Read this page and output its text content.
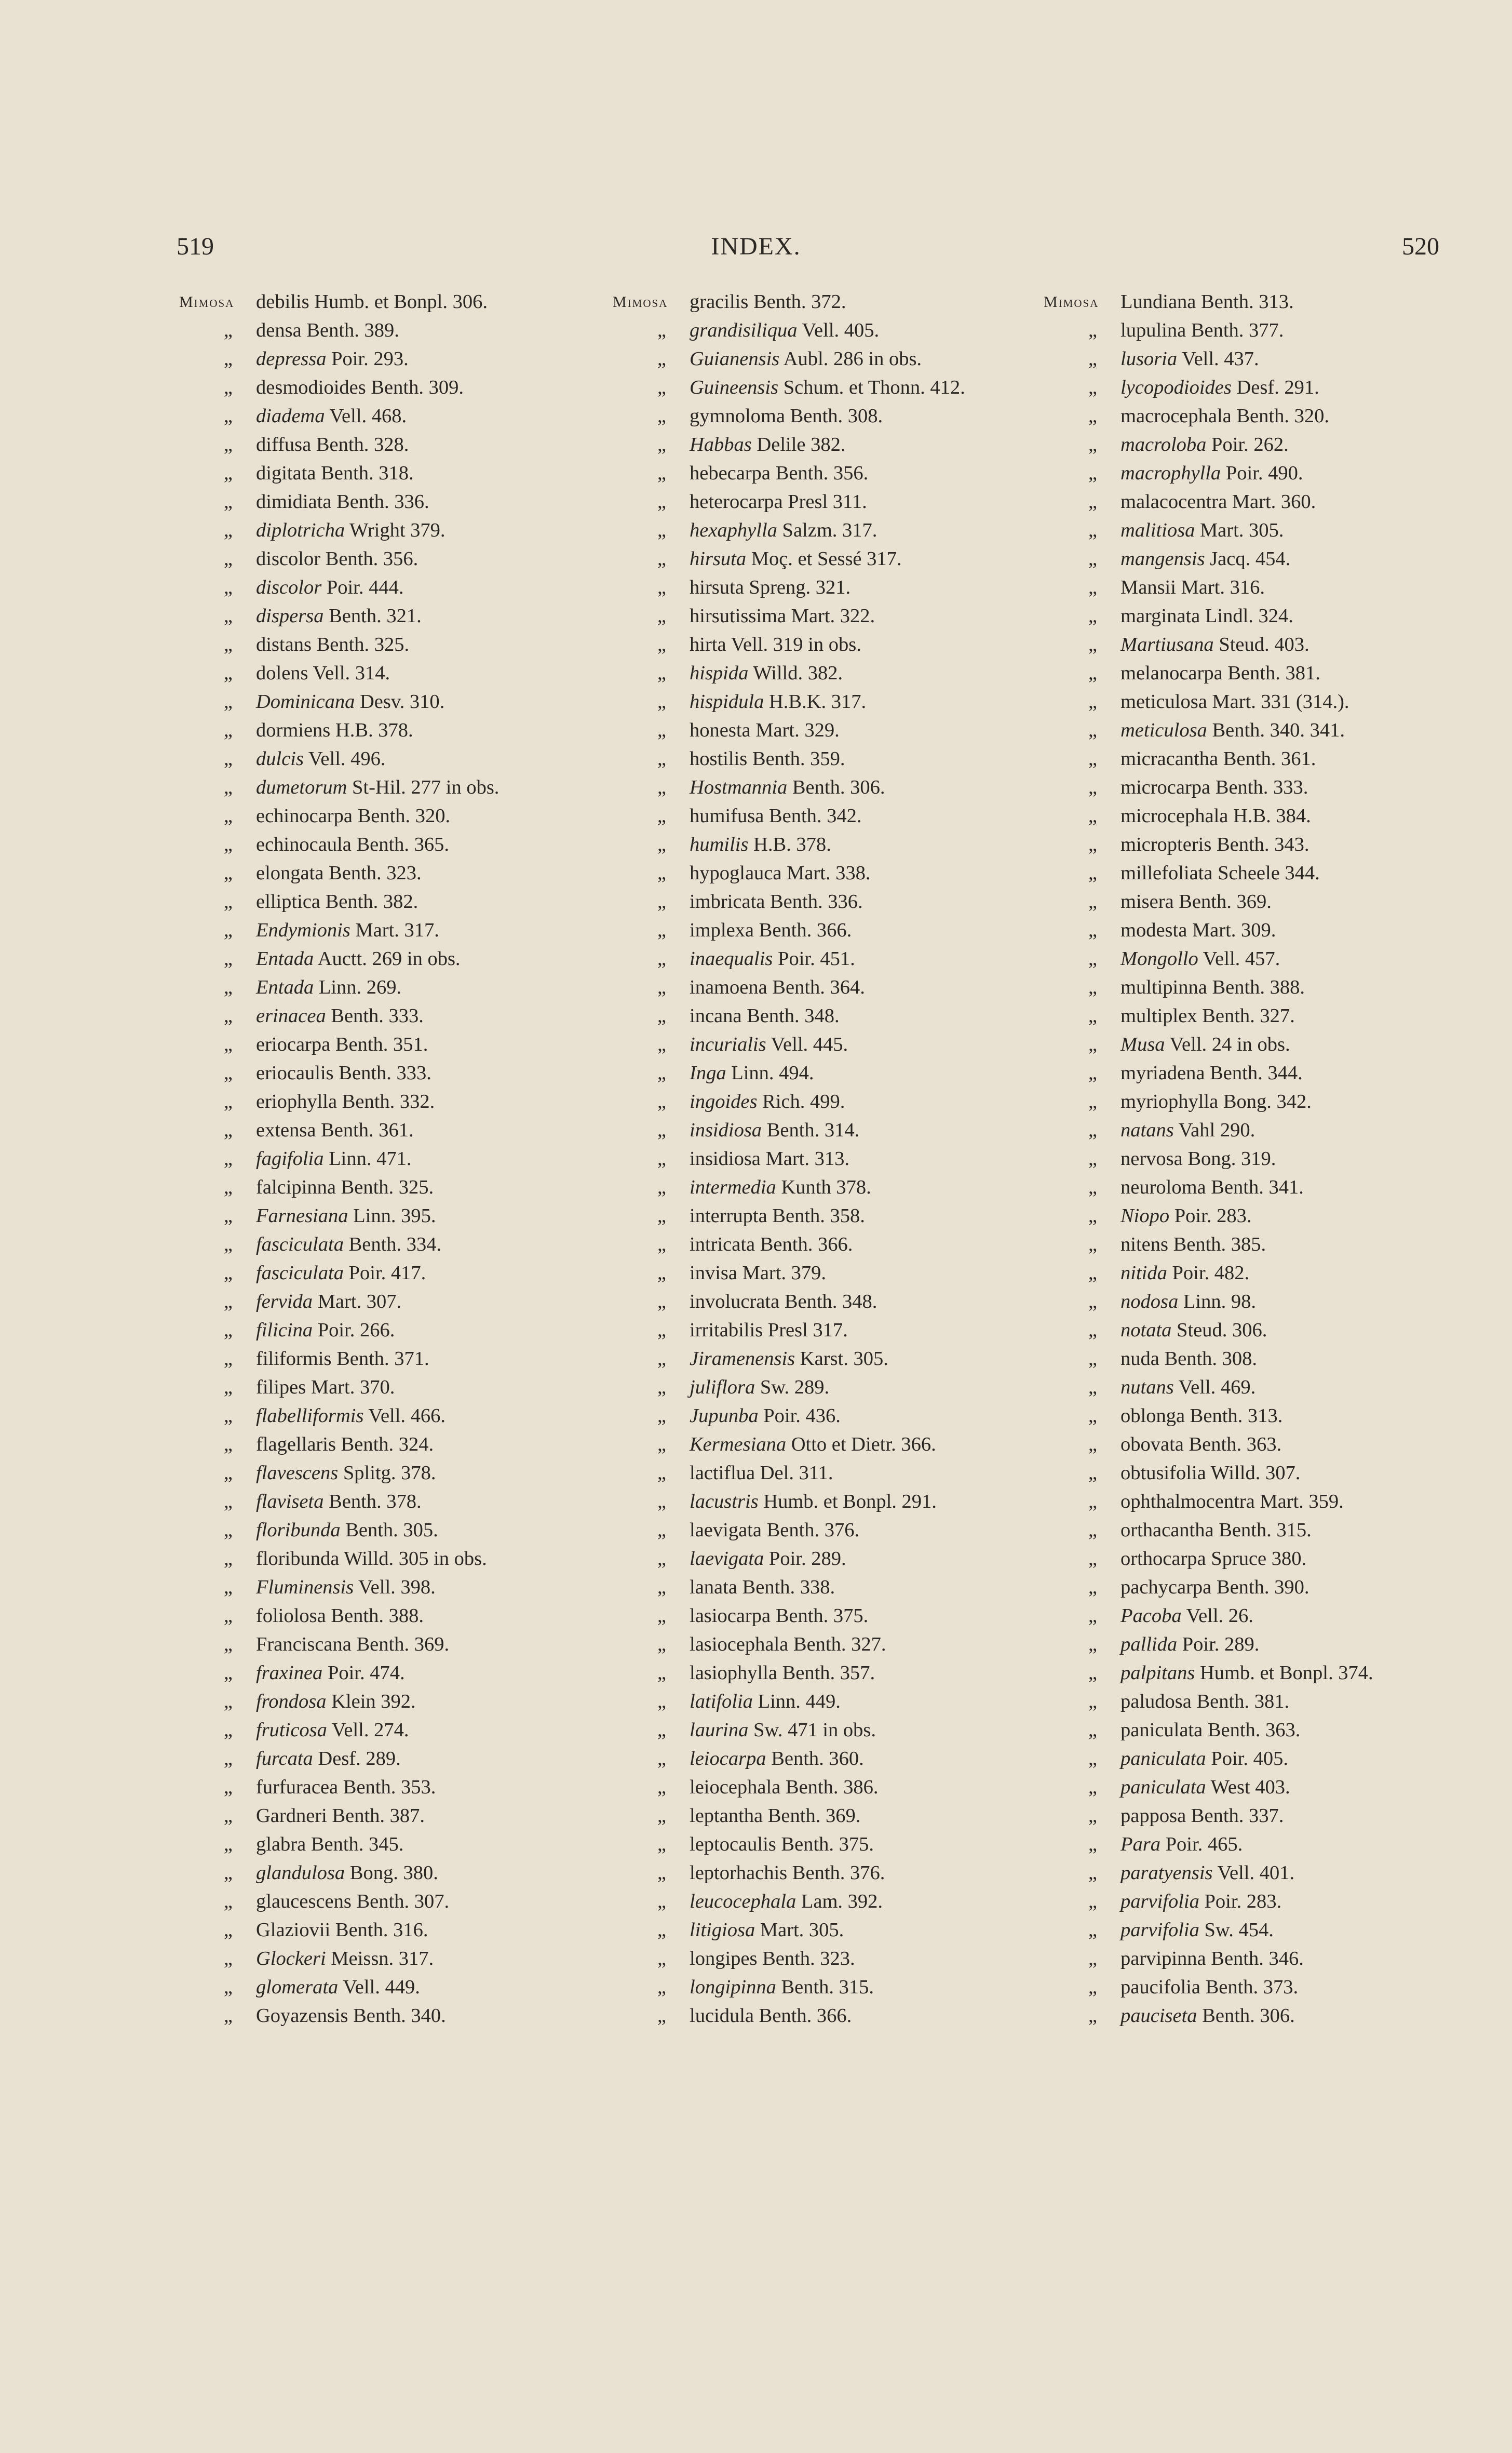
519	INDEX.	520
Mimosa debilis Humb. et Bonpl. 306.
„ densa Benth. 389.
„ depressa Poir. 293.
„ desmodioides Benth. 309.
„ diadema Vell. 468.
„ diffusa Benth. 328.
„ digitata Benth. 318.
„ dimidiata Benth. 336.
„ diplotricha Wright 379.
„ discolor Benth. 356.
„ discolor Poir. 444.
„ dispersa Benth. 321.
„ distans Benth. 325.
„ dolens Vell. 314.
„ Dominicana Desv. 310.
„ dormiens H.B. 378.
„ dulcis Vell. 496.
„ dumetorum St-Hil. 277 in obs.
„ echinocarpa Benth. 320.
„ echinocaula Benth. 365.
„ elongata Benth. 323.
„ elliptica Benth. 382.
„ Endymionis Mart. 317.
„ Entada Auctt. 269 in obs.
„ Entada Linn. 269.
„ erinacea Benth. 333.
„ eriocarpa Benth. 351.
„ eriocaulis Benth. 333.
„ eriophylla Benth. 332.
„ extensa Benth. 361.
„ fagifolia Linn. 471.
„ falcipinna Benth. 325.
„ Farnesiana Linn. 395.
„ fasciculata Benth. 334.
„ fasciculata Poir. 417.
„ fervida Mart. 307.
„ filicina Poir. 266.
„ filiformis Benth. 371.
„ filipes Mart. 370.
„ flabelliformis Vell. 466.
„ flagellaris Benth. 324.
„ flavescens Splitg. 378.
„ flaviseta Benth. 378.
„ floribunda Benth. 305.
„ floribunda Willd. 305 in obs.
„ Fluminensis Vell. 398.
„ foliolosa Benth. 388.
„ Franciscana Benth. 369.
„ fraxinea Poir. 474.
„ frondosa Klein 392.
„ fruticosa Vell. 274.
„ furcata Desf. 289.
„ furfuracea Benth. 353.
„ Gardneri Benth. 387.
„ glabra Benth. 345.
„ glandulosa Bong. 380.
„ glaucescens Benth. 307.
„ Glaziovii Benth. 316.
„ Glockeri Meissn. 317.
„ glomerata Vell. 449.
„ Goyazensis Benth. 340.
Mimosa gracilis Benth. 372.
„ grandisiliqua Vell. 405.
„ Guianensis Aubl. 286 in obs.
„ Guineensis Schum. et Thonn. 412.
„ gymnoloma Benth. 308.
„ Habbas Delile 382.
„ hebecarpa Benth. 356.
„ heterocarpa Presl 311.
„ hexaphylla Salzm. 317.
„ hirsuta Moç. et Sessé 317.
„ hirsuta Spreng. 321.
„ hirsutissima Mart. 322.
„ hirta Vell. 319 in obs.
„ hispida Willd. 382.
„ hispidula H.B.K. 317.
„ honesta Mart. 329.
„ hostilis Benth. 359.
„ Hostmannia Benth. 306.
„ humifusa Benth. 342.
„ humilis H.B. 378.
„ hypoglauca Mart. 338.
„ imbricata Benth. 336.
„ implexa Benth. 366.
„ inaequalis Poir. 451.
„ inamoena Benth. 364.
„ incana Benth. 348.
„ incurialis Vell. 445.
„ Inga Linn. 494.
„ ingoides Rich. 499.
„ insidiosa Benth. 314.
„ insidiosa Mart. 313.
„ intermedia Kunth 378.
„ interrupta Benth. 358.
„ intricata Benth. 366.
„ invisa Mart. 379.
„ involucrata Benth. 348.
„ irritabilis Presl 317.
„ Jiramenensis Karst. 305.
„ juliflora Sw. 289.
„ Jupunba Poir. 436.
„ Kermesiana Otto et Dietr. 366.
„ lactiflua Del. 311.
„ lacustris Humb. et Bonpl. 291.
„ laevigata Benth. 376.
„ laevigata Poir. 289.
„ lanata Benth. 338.
„ lasiocarpa Benth. 375.
„ lasiocephala Benth. 327.
„ lasiophylla Benth. 357.
„ latifolia Linn. 449.
„ laurina Sw. 471 in obs.
„ leiocarpa Benth. 360.
„ leiocephala Benth. 386.
„ leptantha Benth. 369.
„ leptocaulis Benth. 375.
„ leptorhachis Benth. 376.
„ leucocephala Lam. 392.
„ litigiosa Mart. 305.
„ longipes Benth. 323.
„ longipinna Benth. 315.
„ lucidula Benth. 366.
Mimosa Lundiana Benth. 313.
„ lupulina Benth. 377.
„ lusoria Vell. 437.
„ lycopodioides Desf. 291.
„ macrocephala Benth. 320.
„ macroloba Poir. 262.
„ macrophylla Poir. 490.
„ malacocentra Mart. 360.
„ malitiosa Mart. 305.
„ mangensis Jacq. 454.
„ Mansii Mart. 316.
„ marginata Lindl. 324.
„ Martiusana Steud. 403.
„ melanocarpa Benth. 381.
„ meticulosa Mart. 331 (314.).
„ meticulosa Benth. 340. 341.
„ micracantha Benth. 361.
„ microcarpa Benth. 333.
„ microcephala H.B. 384.
„ micropteris Benth. 343.
„ millefoliata Scheele 344.
„ misera Benth. 369.
„ modesta Mart. 309.
„ Mongollo Vell. 457.
„ multipinna Benth. 388.
„ multiplex Benth. 327.
„ Musa Vell. 24 in obs.
„ myriadena Benth. 344.
„ myriophylla Bong. 342.
„ natans Vahl 290.
„ nervosa Bong. 319.
„ neuroloma Benth. 341.
„ Niopo Poir. 283.
„ nitens Benth. 385.
„ nitida Poir. 482.
„ nodosa Linn. 98.
„ notata Steud. 306.
„ nuda Benth. 308.
„ nutans Vell. 469.
„ oblonga Benth. 313.
„ obovata Benth. 363.
„ obtusifolia Willd. 307.
„ ophthalmocentra Mart. 359.
„ orthacantha Benth. 315.
„ orthocarpa Spruce 380.
„ pachycarpa Benth. 390.
„ Pacoba Vell. 26.
„ pallida Poir. 289.
„ palpitans Humb. et Bonpl. 374.
„ paludosa Benth. 381.
„ paniculata Benth. 363.
„ paniculata Poir. 405.
„ paniculata West 403.
„ papposa Benth. 337.
„ Para Poir. 465.
„ paratyensis Vell. 401.
„ parvifolia Poir. 283.
„ parvifolia Sw. 454.
„ parvipinna Benth. 346.
„ paucifolia Benth. 373.
„ pauciseta Benth. 306.
